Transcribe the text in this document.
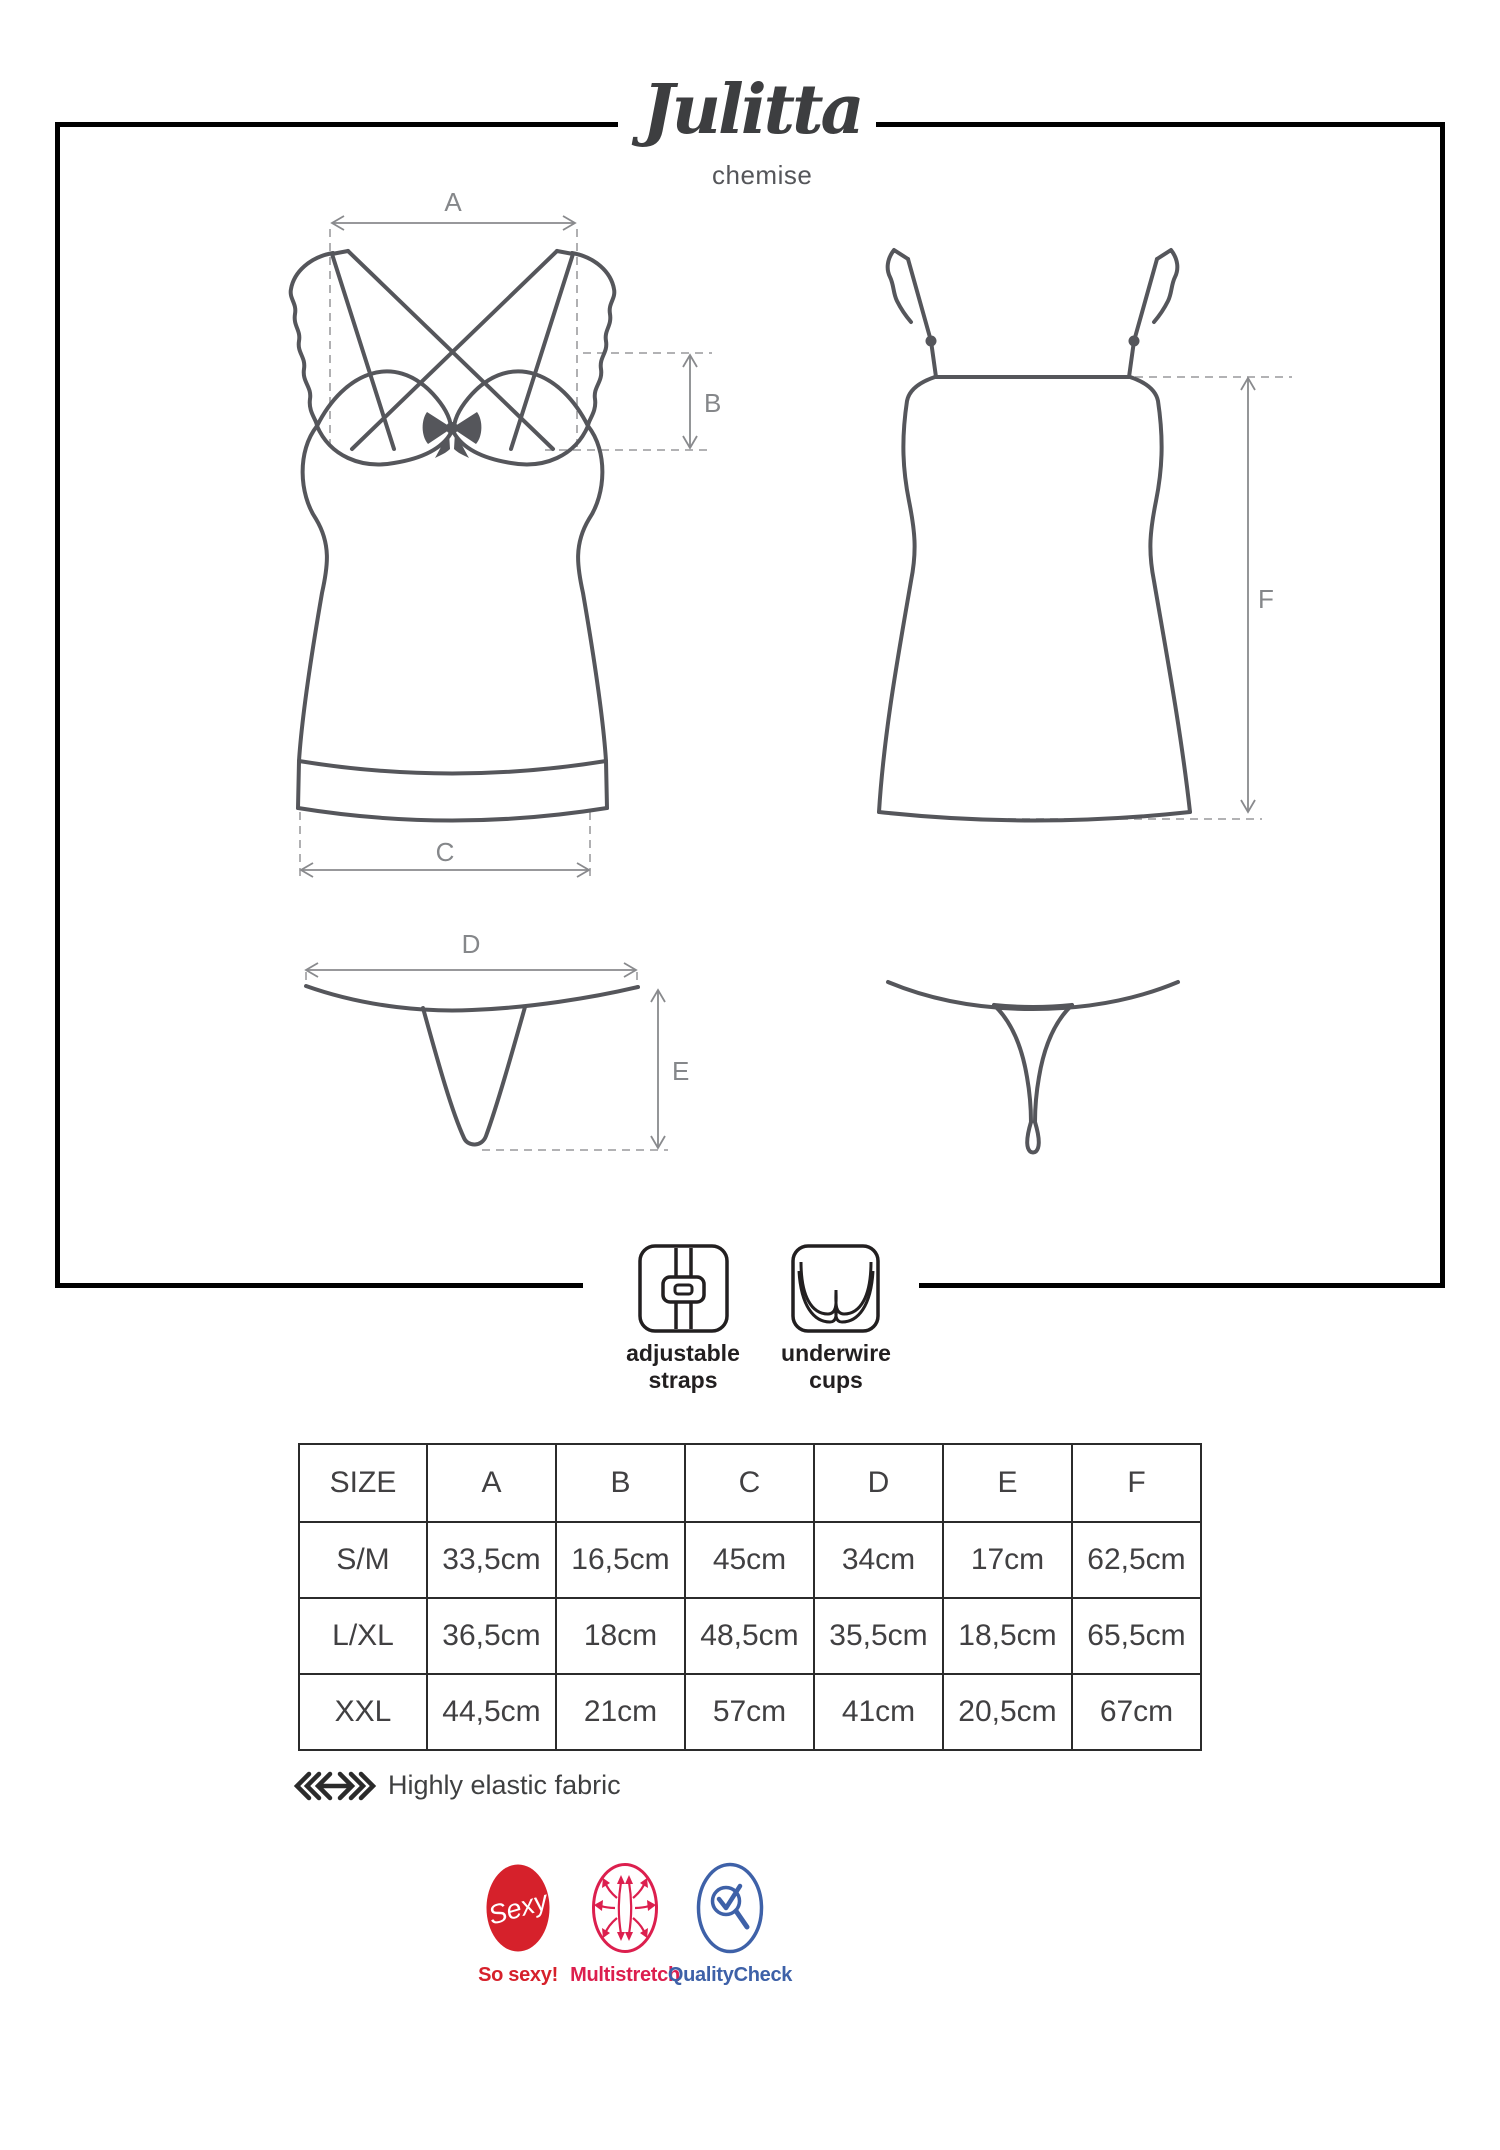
Julitta
chemise
A
B
C
D
E
F
Sexy
adjustable
straps
underwire
cups
SIZE	A	B	C	D	E	F
S/M	33,5cm	16,5cm	45cm	34cm	17cm	62,5cm
L/XL	36,5cm	18cm	48,5cm	35,5cm	18,5cm	65,5cm
XXL	44,5cm	21cm	57cm	41cm	20,5cm	67cm
Highly elastic fabric
So sexy! Multistretch
QualityCheck
